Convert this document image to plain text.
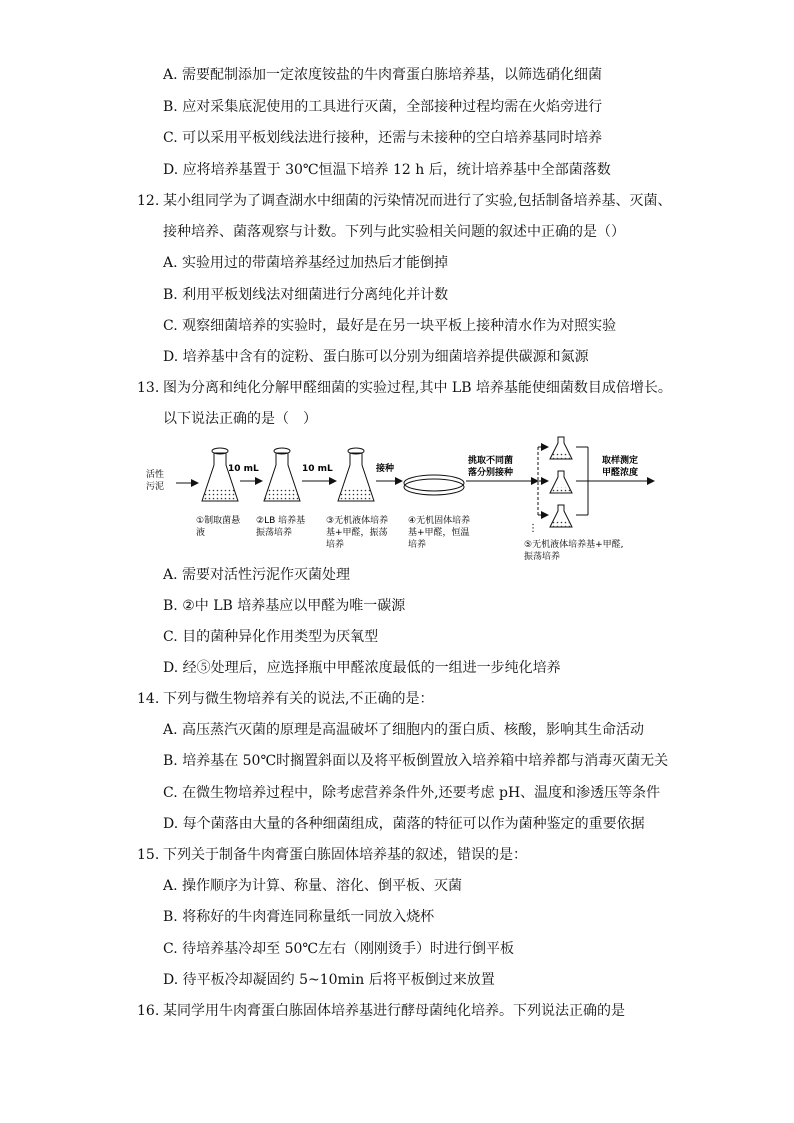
A. 需要配制添加一定浓度铵盐的牛肉膏蛋白胨培养基，以筛选硝化细菌
B. 应对采集底泥使用的工具进行灭菌，全部接种过程均需在火焰旁进行
C. 可以采用平板划线法进行接种，还需与未接种的空白培养基同时培养
D. 应将培养基置于 30℃恒温下培养 12 h 后，统计培养基中全部菌落数
12. 某小组同学为了调查湖水中细菌的污染情况而进行了实验,包括制备培养基、灭菌、
接种培养、菌落观察与计数。下列与此实验相关问题的叙述中正确的是（）
A. 实验用过的带菌培养基经过加热后才能倒掉
B. 利用平板划线法对细菌进行分离纯化并计数
C. 观察细菌培养的实验时，最好是在另一块平板上接种清水作为对照实验
D. 培养基中含有的淀粉、蛋白胨可以分别为细菌培养提供碳源和氮源
13. 图为分离和纯化分解甲醛细菌的实验过程,其中 LB 培养基能使细菌数目成倍增长。
以下说法正确的是（　）
活性
污泥
10 mL	10 mL	接种
挑取不同菌
落分别接种
⋮
取样测定
甲醛浓度
①制取菌悬
液
②LB 培养基
振荡培养
③无机液体培养
基+甲醛，振荡
培养
④无机固体培养
基+甲醛，恒温
培养	⑤无机液体培养基+甲醛,
振荡培养
A. 需要对活性污泥作灭菌处理
B. ②中 LB 培养基应以甲醛为唯一碳源
C. 目的菌种异化作用类型为厌氧型
D. 经⑤处理后，应选择瓶中甲醛浓度最低的一组进一步纯化培养
14. 下列与微生物培养有关的说法,不正确的是：
A. 高压蒸汽灭菌的原理是高温破坏了细胞内的蛋白质、核酸，影响其生命活动
B. 培养基在 50℃时搁置斜面以及将平板倒置放入培养箱中培养都与消毒灭菌无关
C. 在微生物培养过程中，除考虑营养条件外,还要考虑 pH、温度和渗透压等条件
D. 每个菌落由大量的各种细菌组成，菌落的特征可以作为菌种鉴定的重要依据
15. 下列关于制备牛肉膏蛋白胨固体培养基的叙述，错误的是：
A. 操作顺序为计算、称量、溶化、倒平板、灭菌
B. 将称好的牛肉膏连同称量纸一同放入烧杯
C. 待培养基冷却至 50℃左右（刚刚烫手）时进行倒平板
D. 待平板冷却凝固约 5~10min 后将平板倒过来放置
16. 某同学用牛肉膏蛋白胨固体培养基进行酵母菌纯化培养。下列说法正确的是
